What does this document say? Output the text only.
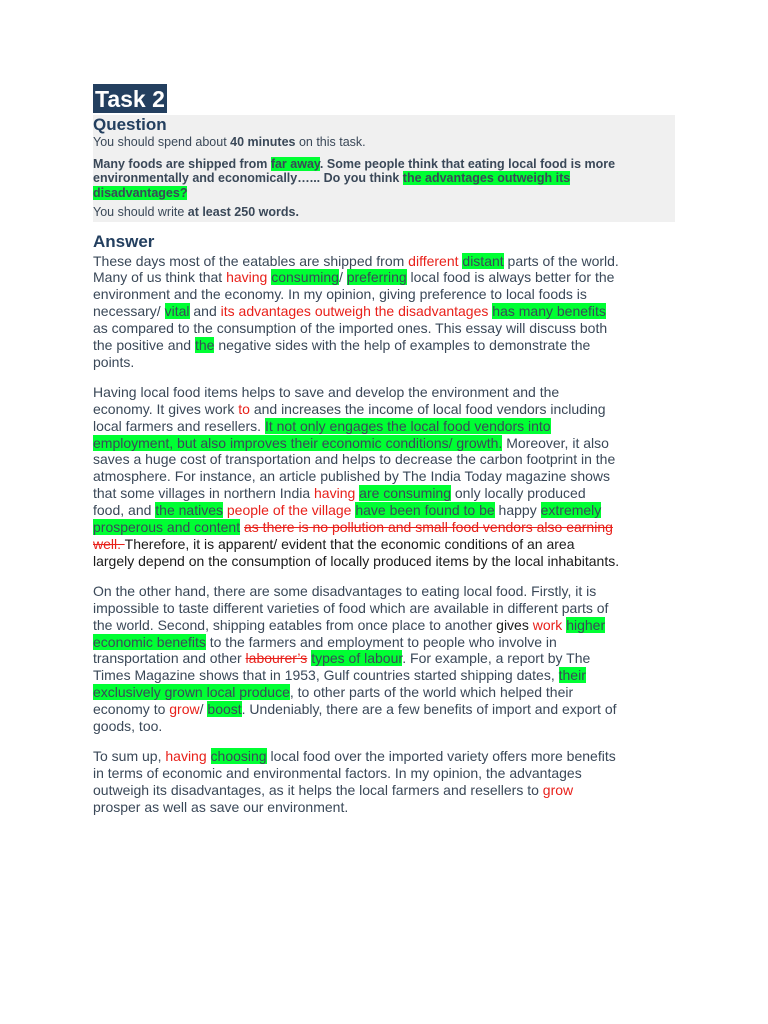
Task 2
Question
You should spend about 40 minutes on this task.
Many foods are shipped from far away. Some people think that eating local food is more
environmentally and economically…... Do you think the advantages outweigh its
disadvantages?
You should write at least 250 words.
Answer
These days most of the eatables are shipped from different distant parts of the world.
Many of us think that having consuming/ preferring local food is always better for the
environment and the economy. In my opinion, giving preference to local foods is
necessary/ vital and its advantages outweigh the disadvantages has many benefits
as compared to the consumption of the imported ones. This essay will discuss both
the positive and the negative sides with the help of examples to demonstrate the
points.
Having local food items helps to save and develop the environment and the
economy. It gives work to and increases the income of local food vendors including
local farmers and resellers. It not only engages the local food vendors into
employment, but also improves their economic conditions/ growth. Moreover, it also
saves a huge cost of transportation and helps to decrease the carbon footprint in the
atmosphere. For instance, an article published by The India Today magazine shows
that some villages in northern India having are consuming only locally produced
food, and the natives people of the village have been found to be happy extremely
prosperous and content as there is no pollution and small food vendors also earning
well. Therefore, it is apparent/ evident that the economic conditions of an area
largely depend on the consumption of locally produced items by the local inhabitants.
On the other hand, there are some disadvantages to eating local food. Firstly, it is
impossible to taste different varieties of food which are available in different parts of
the world. Second, shipping eatables from once place to another gives work higher
economic benefits to the farmers and employment to people who involve in
transportation and other labourer’s types of labour. For example, a report by The
Times Magazine shows that in 1953, Gulf countries started shipping dates, their
exclusively grown local produce, to other parts of the world which helped their
economy to grow/ boost. Undeniably, there are a few benefits of import and export of
goods, too.
To sum up, having choosing local food over the imported variety offers more benefits
in terms of economic and environmental factors. In my opinion, the advantages
outweigh its disadvantages, as it helps the local farmers and resellers to grow
prosper as well as save our environment.
